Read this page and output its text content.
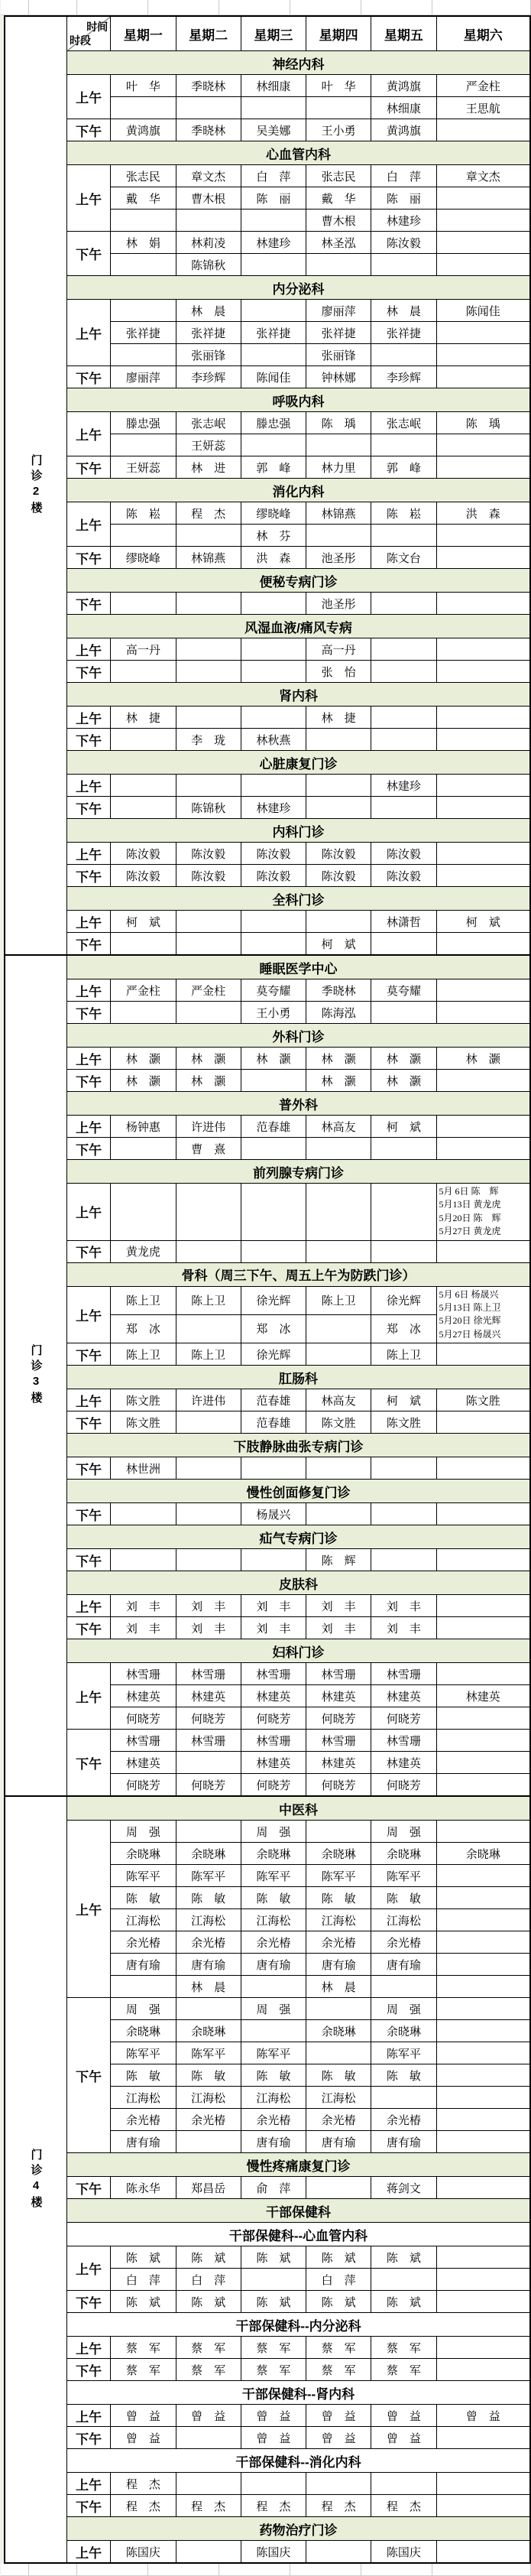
门诊2楼	时间
时段	星期一	星期二	星期三	星期四	星期五	星期六
	神经内科						
	上午	叶　华	季晓林	林细康	叶　华	黄鸿旗	严金柱
						林细康	王思航
	下午	黄鸿旗	季晓林	吴美娜	王小勇	黄鸿旗	
	心血管内科						
	上午	张志民	章文杰	白　萍	张志民	白　萍	章文杰
		戴　华	曹木根	陈　丽	戴　华	陈　丽	
					曹木根	林建珍	
	下午	林　娟	林莉凌	林建珍	林圣泓	陈汝毅	
			陈锦秋				
	内分泌科						
	上午		林　晨		廖丽萍	林　晨	陈闻佳
		张祥捷	张祥捷	张祥捷	张祥捷	张祥捷	
			张丽锋		张丽锋		
	下午	廖丽萍	李珍辉	陈闻佳	钟林娜	李珍辉	
	呼吸内科						
	上午	滕忠强	张志岷	滕忠强	陈　瑀	张志岷	陈　瑀
			王妍蕊				
	下午	王妍蕊	林　进	郭　峰	林力里	郭　峰	
	消化内科						
	上午	陈　崧	程　杰	缪晓峰	林锦燕	陈　崧	洪　森
				林　芬			
	下午	缪晓峰	林锦燕	洪　森	池圣彤	陈文台	
	便秘专病门诊						
	下午				池圣彤		
	风湿血液/痛风专病						
	上午	高一丹			高一丹		
	下午				张　怡		
	肾内科						
	上午	林　捷			林　捷		
	下午		李　珑	林秋燕			
	心脏康复门诊						
	上午					林建珍	
	下午		陈锦秋	林建珍			
	内科门诊						
	上午	陈汝毅	陈汝毅	陈汝毅	陈汝毅	陈汝毅	
	下午	陈汝毅	陈汝毅	陈汝毅	陈汝毅	陈汝毅	
	全科门诊						
	上午	柯　斌				林潇哲	柯　斌
	下午				柯　斌		
门诊3楼	睡眠医学中心						
	上午	严金柱	严金柱	莫夸耀	季晓林	莫夸耀	
	下午			王小勇	陈海泓		
	外科门诊						
	上午	林　灏	林　灏	林　灏	林　灏	林　灏	林　灏
	下午	林　灏	林　灏		林　灏	林　灏	
	普外科						
	上午	杨钟惠	许进伟	范春雄	林高友	柯　斌	
	下午		曹　熹				
	前列腺专病门诊						
	上午						5月 6日 陈　辉
5月13日 黄龙虎
5月20日 陈　辉
5月27日 黄龙虎

	下午	黄龙虎					
	骨科（周三下午、周五上午为防跌门诊）						
	上午	陈上卫	陈上卫	徐光辉	陈上卫	徐光辉	5月 6日 杨晟兴
5月13日 陈上卫
5月20日 徐光辉
5月27日 杨晟兴

		郑　冰		郑　冰		郑　冰	
	下午	陈上卫	陈上卫	徐光辉		陈上卫	
	肛肠科						
	上午	陈文胜	许进伟	范春雄	林高友	柯　斌	陈文胜
	下午	陈文胜		范春雄	陈文胜	陈文胜	
	下肢静脉曲张专病门诊						
	下午	林世洲					
	慢性创面修复门诊						
	下午			杨晟兴			
	疝气专病门诊						
	下午				陈　辉		
	皮肤科						
	上午	刘　丰	刘　丰	刘　丰	刘　丰	刘　丰	
	下午	刘　丰	刘　丰	刘　丰	刘　丰	刘　丰	
	妇科门诊						
	上午	林雪珊	林雪珊	林雪珊	林雪珊	林雪珊	
		林建英	林建英	林建英	林建英	林建英	林建英
		何晓芳	何晓芳	何晓芳	何晓芳	何晓芳	
	下午	林雪珊	林雪珊	林雪珊	林雪珊	林雪珊	
		林建英		林建英	林建英	林建英	
		何晓芳	何晓芳	何晓芳	何晓芳	何晓芳	
门诊4楼	中医科						
	上午	周　强		周　强		周　强	
		余晓琳	余晓琳	余晓琳	余晓琳	余晓琳	余晓琳
		陈军平	陈军平	陈军平	陈军平	陈军平	
		陈　敏	陈　敏	陈　敏	陈　敏	陈　敏	
		江海松	江海松	江海松	江海松	江海松	
		余光椿	余光椿	余光椿	余光椿	余光椿	
		唐有瑜	唐有瑜	唐有瑜	唐有瑜	唐有瑜	
			林　晨		林　晨		
	下午	周　强		周　强		周　强	
		余晓琳	余晓琳		余晓琳	余晓琳	
		陈军平	陈军平	陈军平		陈军平	
		陈　敏	陈　敏	陈　敏	陈　敏	陈　敏	
		江海松	江海松	江海松	江海松		
		余光椿	余光椿	余光椿	余光椿	余光椿	
		唐有瑜		唐有瑜	唐有瑜	唐有瑜	
	慢性疼痛康复门诊						
	下午	陈永华	郑昌岳	俞　萍		蒋剑文	
	干部保健科						
	干部保健科--心血管内科						
	上午	陈　斌	陈　斌	陈　斌	陈　斌	陈　斌	
		白　萍	白　萍		白　萍		
	下午	陈　斌	陈　斌	陈　斌	陈　斌	陈　斌	
	干部保健科--内分泌科						
	上午	蔡　军	蔡　军	蔡　军	蔡　军	蔡　军	
	下午	蔡　军	蔡　军	蔡　军	蔡　军	蔡　军	
	干部保健科--肾内科						
	上午	曾　益	曾　益	曾　益	曾　益	曾　益	曾　益
	下午	曾　益		曾　益	曾　益	曾　益	
	干部保健科--消化内科						
	上午	程　杰					
	下午	程　杰	程　杰	程　杰	程　杰	程　杰	
	药物治疗门诊						
	上午	陈国庆		陈国庆		陈国庆	
